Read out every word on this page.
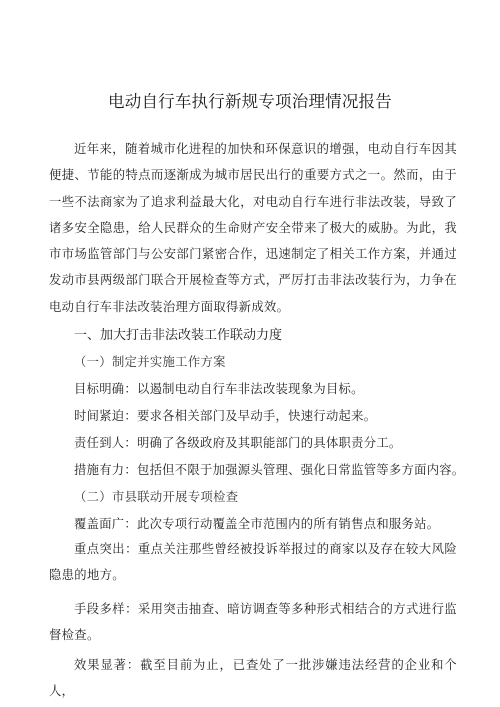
电动自行车执行新规专项治理情况报告

近年来，随着城市化进程的加快和环保意识的增强，电动自行车因其便捷、节能的特点而逐渐成为城市居民出行的重要方式之一。然而，由于一些不法商家为了追求利益最大化，对电动自行车进行非法改装，导致了诸多安全隐患，给人民群众的生命财产安全带来了极大的威胁。为此，我市市场监管部门与公安部门紧密合作，迅速制定了相关工作方案，并通过发动市县两级部门联合开展检查等方式，严厉打击非法改装行为，力争在电动自行车非法改装治理方面取得新成效。

一、加大打击非法改装工作联动力度
（一）制定并实施工作方案
目标明确：以遏制电动自行车非法改装现象为目标。
时间紧迫：要求各相关部门及早动手，快速行动起来。
责任到人：明确了各级政府及其职能部门的具体职责分工。
措施有力：包括但不限于加强源头管理、强化日常监管等多方面内容。
（二）市县联动开展专项检查
覆盖面广：此次专项行动覆盖全市范围内的所有销售点和服务站。

重点突出：重点关注那些曾经被投诉举报过的商家以及存在较大风险隐患的地方。

手段多样：采用突击抽查、暗访调查等多种形式相结合的方式进行监督检查。

效果显著：截至目前为止，已查处了一批涉嫌违法经营的企业和个人，
